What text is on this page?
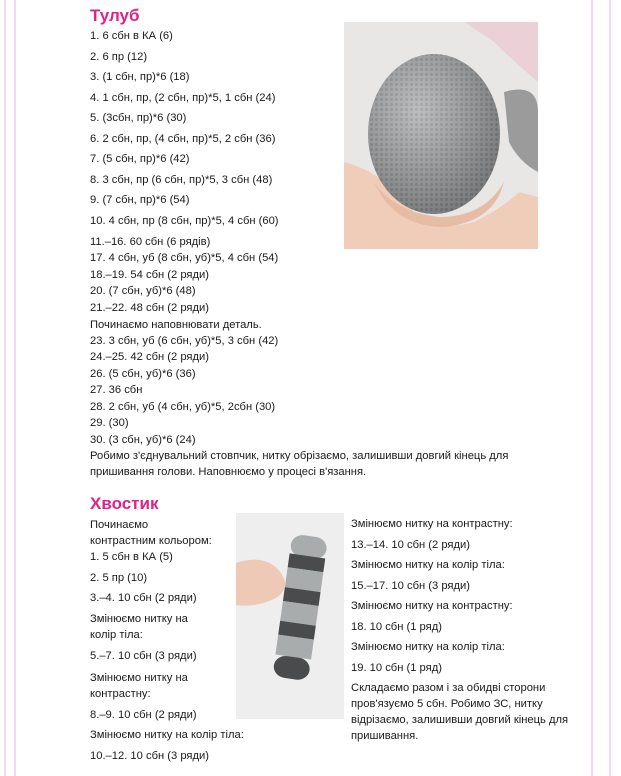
Тулуб
1. 6 сбн в КА (6)
2. 6 пр (12)
3. (1 сбн, пр)*6 (18)
4. 1 сбн, пр, (2 сбн, пр)*5, 1 сбн (24)
5. (3сбн, пр)*6 (30)
6. 2 сбн, пр, (4 сбн, пр)*5, 2 сбн (36)
7. (5 сбн, пр)*6 (42)
8. 3 сбн, пр (6 сбн, пр)*5, 3 сбн (48)
9. (7 сбн, пр)*6 (54)
10. 4 сбн, пр (8 сбн, пр)*5, 4 сбн (60)
11.–16. 60 сбн (6 рядів)
17. 4 сбн, уб (8 сбн, уб)*5, 4 сбн (54)
18.–19. 54 сбн (2 ряди)
20. (7 сбн, уб)*6 (48)
21.–22. 48 сбн (2 ряди)
Починаємо наповнювати деталь.
23. 3 сбн, уб (6 сбн, уб)*5, 3 сбн (42)
24.–25. 42 сбн (2 ряди)
26. (5 сбн, уб)*6 (36)
27. 36 сбн
28. 2 сбн, уб (4 сбн, уб)*5, 2сбн (30)
29. (30)
30. (3 сбн, уб)*6 (24)
Робимо з'єднувальний стовпчик, нитку обрізаємо, залишивши довгий кінець для пришивання голови. Наповнюємо у процесі в'язання.
Хвостик
Починаємо
контрастним кольором:
1. 5 сбн в КА (5)
2. 5 пр (10)
3.–4. 10 сбн (2 ряди)
Змінюємо нитку на
колір тіла:
5.–7. 10 сбн (3 ряди)
Змінюємо нитку на
контрастну:
8.–9. 10 сбн (2 ряди)
Змінюємо нитку на колір тіла:
10.–12. 10 сбн (3 ряди)
Змінюємо нитку на контрастну:
13.–14. 10 сбн (2 ряди)
Змінюємо нитку на колір тіла:
15.–17. 10 сбн (3 ряди)
Змінюємо нитку на контрастну:
18. 10 сбн (1 ряд)
Змінюємо нитку на колір тіла:
19. 10 сбн (1 ряд)
Складаємо разом і за обидві сторони пров'язуємо 5 сбн. Робимо ЗС, нитку відрізаємо, залишивши довгий кінець для пришивання.
